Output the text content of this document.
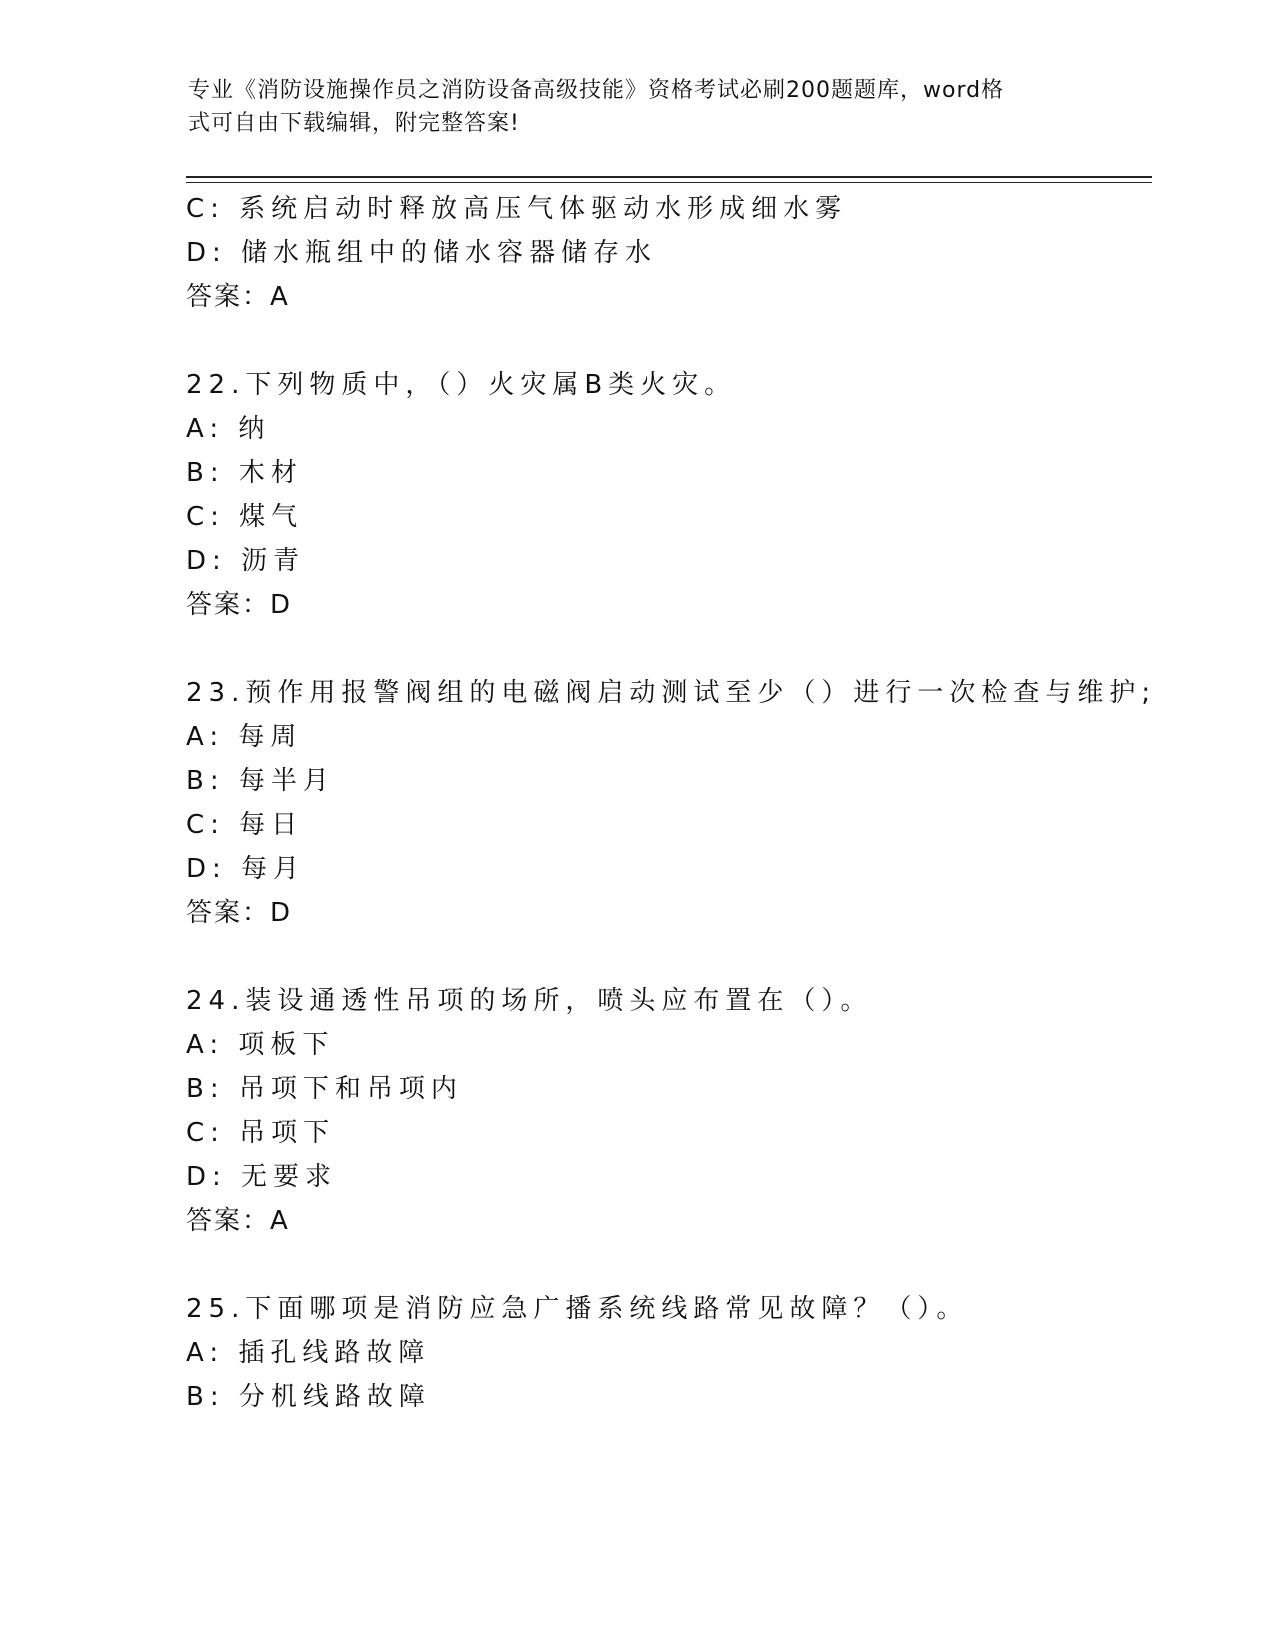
专业《消防设施操作员之消防设备高级技能》资格考试必刷200题题库，word格
式可自由下载编辑，附完整答案!
C: 系统启动时释放高压气体驱动水形成细水雾
D: 储水瓶组中的储水容器储存水
答案：A
22.下列物质中，（）火灾属B类火灾。
A: 纳
B: 木材
C: 煤气
D: 沥青
答案：D
23.预作用报警阀组的电磁阀启动测试至少（）进行一次检查与维护;
A: 每周
B: 每半月
C: 每日
D: 每月
答案：D
24.装设通透性吊项的场所，喷头应布置在（）。
A: 项板下
B: 吊项下和吊项内
C: 吊项下
D: 无要求
答案：A
25.下面哪项是消防应急广播系统线路常见故障？（）。
A: 插孔线路故障
B: 分机线路故障
